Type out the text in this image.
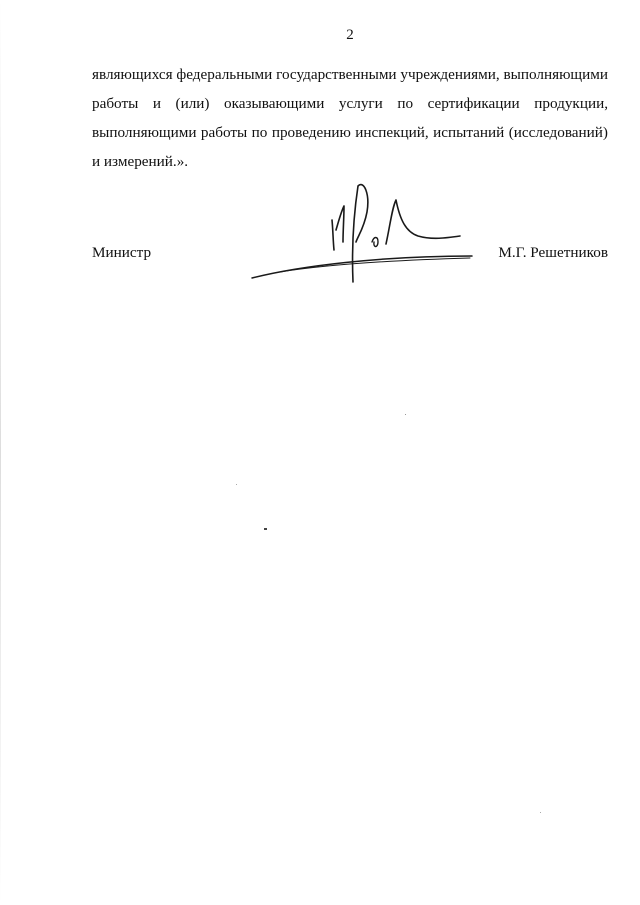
2
являющихся федеральными государственными учреждениями, выполняющими
работы и (или) оказывающими услуги по сертификации продукции,
выполняющими работы по проведению инспекций, испытаний (исследований)
и измерений.».
Министр	М.Г. Решетников
